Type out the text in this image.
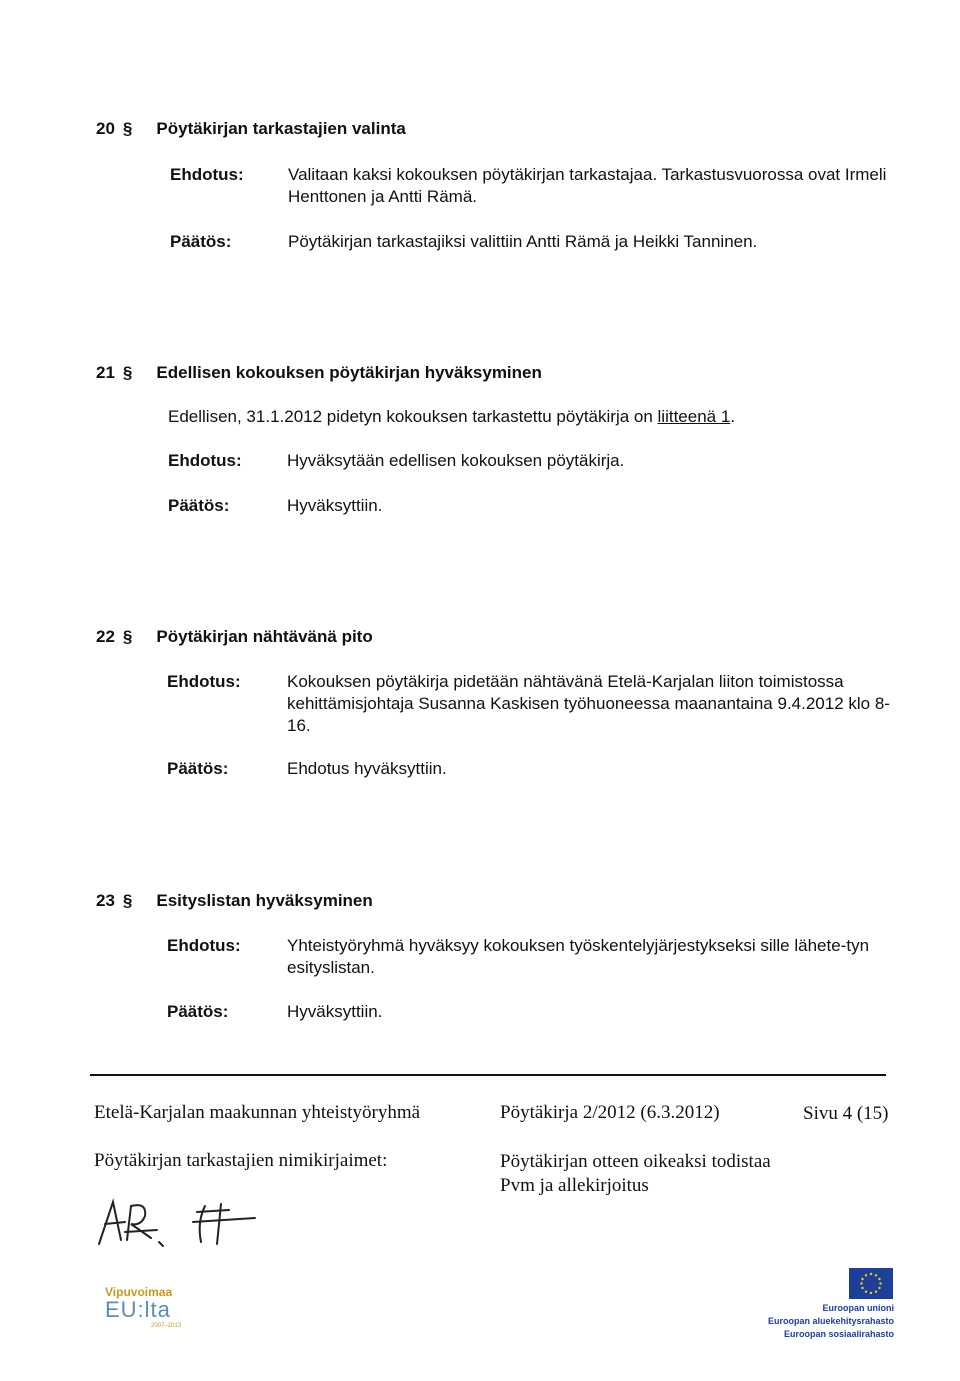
20 § Pöytäkirjan tarkastajien valinta
Ehdotus:	Valitaan kaksi kokouksen pöytäkirjan tarkastajaa. Tarkastusvuorossa ovat Irmeli Henttonen ja Antti Rämä.
Päätös:	Pöytäkirjan tarkastajiksi valittiin Antti Rämä ja Heikki Tanninen.
21 § Edellisen kokouksen pöytäkirjan hyväksyminen
Edellisen, 31.1.2012 pidetyn kokouksen tarkastettu pöytäkirja on liitteenä 1.
Ehdotus:	Hyväksytään edellisen kokouksen pöytäkirja.
Päätös:	Hyväksyttiin.
22 § Pöytäkirjan nähtävänä pito
Ehdotus:	Kokouksen pöytäkirja pidetään nähtävänä Etelä-Karjalan liiton toimistossa kehittämisjohtaja Susanna Kaskisen työhuoneessa maanantaina 9.4.2012 klo 8-16.
Päätös:	Ehdotus hyväksyttiin.
23 § Esityslistan hyväksyminen
Ehdotus:	Yhteistyöryhmä hyväksyy kokouksen työskentelyjärjestykseksi sille lähete-tyn esityslistan.
Päätös:	Hyväksyttiin.
Etelä-Karjalan maakunnan yhteistyöryhmä	Pöytäkirja 2/2012 (6.3.2012)	Sivu 4 (15)
Pöytäkirjan tarkastajien nimikirjaimet:	Pöytäkirjan otteen oikeaksi todistaa
Pvm ja allekirjoitus
Vipuvoimaa
EU:lta
2007–2013
Euroopan unioni
Euroopan aluekehitysrahasto
Euroopan sosiaalirahasto
